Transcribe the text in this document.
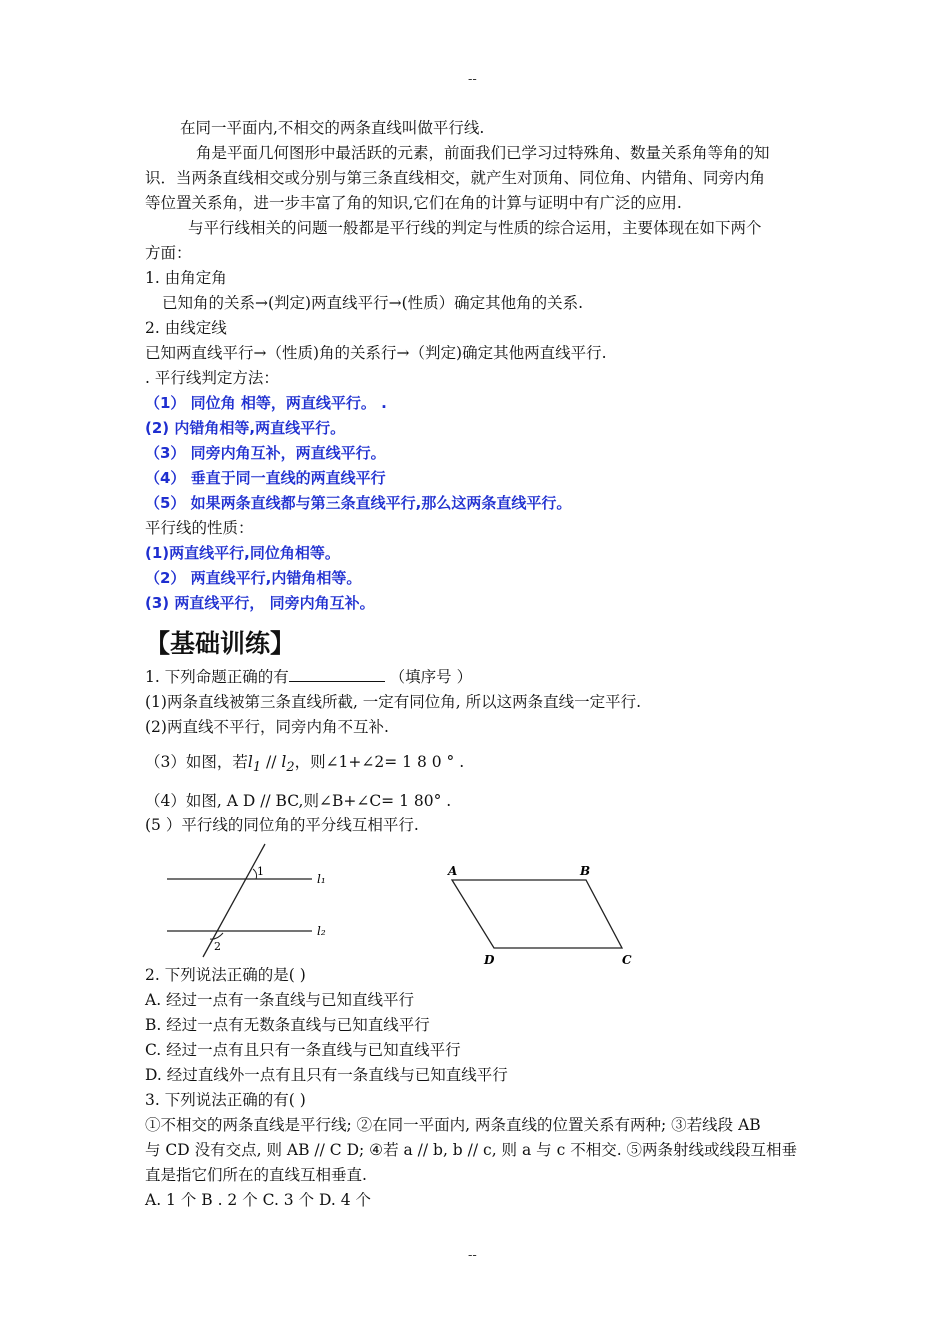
--
在同一平面内,不相交的两条直线叫做平行线.
角是平面几何图形中最活跃的元素，前面我们已学习过特殊角、数量关系角等角的知
识．当两条直线相交或分别与第三条直线相交，就产生对顶角、同位角、内错角、同旁内角
等位置关系角，进一步丰富了角的知识,它们在角的计算与证明中有广泛的应用.
与平行线相关的问题一般都是平行线的判定与性质的综合运用，主要体现在如下两个
方面：
1. 由角定角
已知角的关系→(判定)两直线平行→(性质）确定其他角的关系.
2. 由线定线
已知两直线平行→（性质)角的关系行→（判定)确定其他两直线平行.
. 平行线判定方法：
（1） 同位角 相等，两直线平行。 .
(2) 内错角相等,两直线平行。
（3） 同旁内角互补，两直线平行。
（4） 垂直于同一直线的两直线平行
（5） 如果两条直线都与第三条直线平行,那么这两条直线平行。
平行线的性质：
(1)两直线平行,同位角相等。
（2） 两直线平行,内错角相等。
(3) 两直线平行， 同旁内角互补。
【基础训练】
1. 下列命题正确的有	（填序号 ）
(1)两条直线被第三条直线所截, 一定有同位角, 所以这两条直线一定平行.
(2)两直线不平行，同旁内角不互补.
（3）如图，若$l_1 // l_2$，则∠1+∠2= 1 8 0 ° .
（4）如图, A D // BC,则∠B+∠C= 1 80° .
(5 ）平行线的同位角的平分线互相平行.
1
2
l₁
l₂
A	B
C
D
2. 下列说法正确的是( )
A. 经过一点有一条直线与已知直线平行
B. 经过一点有无数条直线与已知直线平行
C. 经过一点有且只有一条直线与已知直线平行
D. 经过直线外一点有且只有一条直线与已知直线平行
3. 下列说法正确的有( )
①不相交的两条直线是平行线; ②在同一平面内, 两条直线的位置关系有两种; ③若线段 AB
与 CD 没有交点, 则 AB // C D; ④若 a // b, b // c, 则 a 与 c 不相交. ⑤两条射线或线段互相垂
直是指它们所在的直线互相垂直.
A. 1 个 B . 2 个 C. 3 个 D. 4 个
--
